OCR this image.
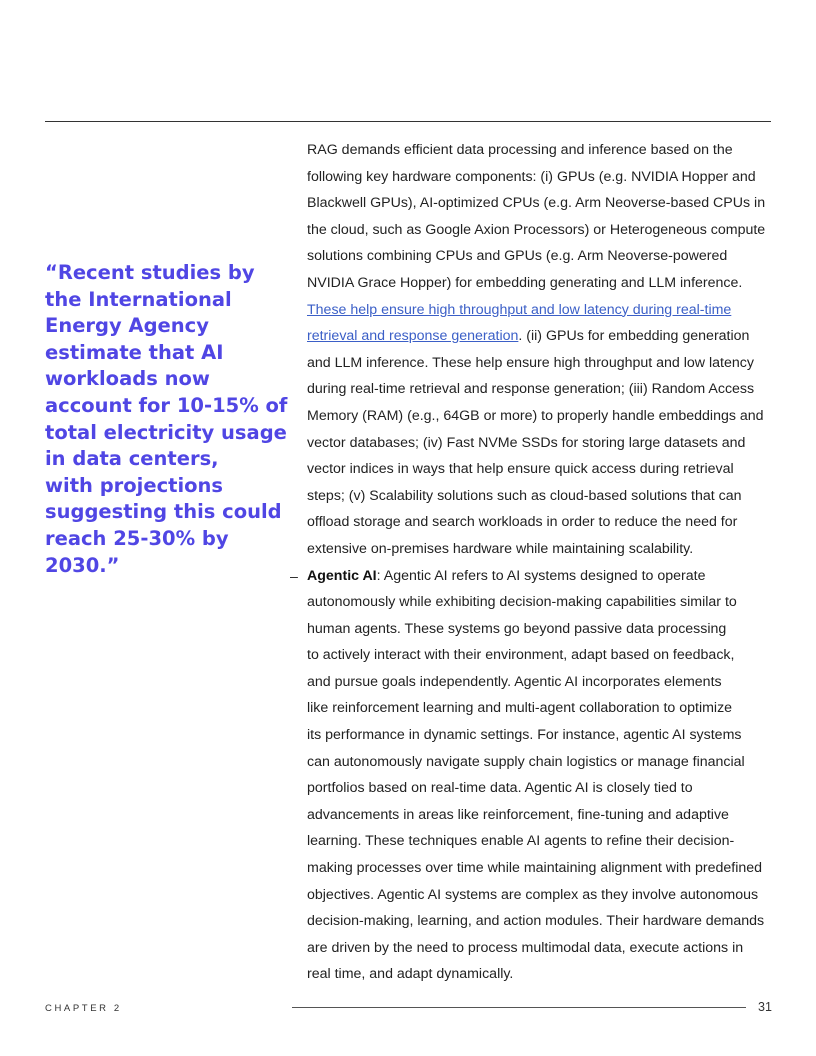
“Recent studies by
the International
Energy Agency
estimate that AI
workloads now
account for 10-15% of
total electricity usage
in data centers,
with projections
suggesting this could
reach 25-30% by
2030.”
–
RAG demands efficient data processing and inference based on the
following key hardware components: (i) GPUs (e.g. NVIDIA Hopper and
Blackwell GPUs), AI-optimized CPUs (e.g. Arm Neoverse-based CPUs in
the cloud, such as Google Axion Processors) or Heterogeneous compute
solutions combining CPUs and GPUs (e.g. Arm Neoverse-powered
NVIDIA Grace Hopper) for embedding generating and LLM inference.
These help ensure high throughput and low latency during real-time
retrieval and response generation. (ii) GPUs for embedding generation
and LLM inference. These help ensure high throughput and low latency
during real-time retrieval and response generation; (iii) Random Access
Memory (RAM) (e.g., 64GB or more) to properly handle embeddings and
vector databases; (iv) Fast NVMe SSDs for storing large datasets and
vector indices in ways that help ensure quick access during retrieval
steps; (v) Scalability solutions such as cloud-based solutions that can
offload storage and search workloads in order to reduce the need for
extensive on-premises hardware while maintaining scalability.
Agentic AI: Agentic AI refers to AI systems designed to operate
autonomously while exhibiting decision-making capabilities similar to
human agents. These systems go beyond passive data processing
to actively interact with their environment, adapt based on feedback,
and pursue goals independently. Agentic AI incorporates elements
like reinforcement learning and multi-agent collaboration to optimize
its performance in dynamic settings. For instance, agentic AI systems
can autonomously navigate supply chain logistics or manage financial
portfolios based on real-time data. Agentic AI is closely tied to
advancements in areas like reinforcement, fine-tuning and adaptive
learning. These techniques enable AI agents to refine their decision-
making processes over time while maintaining alignment with predefined
objectives. Agentic AI systems are complex as they involve autonomous
decision-making, learning, and action modules. Their hardware demands
are driven by the need to process multimodal data, execute actions in
real time, and adapt dynamically.
CHAPTER 2	31
